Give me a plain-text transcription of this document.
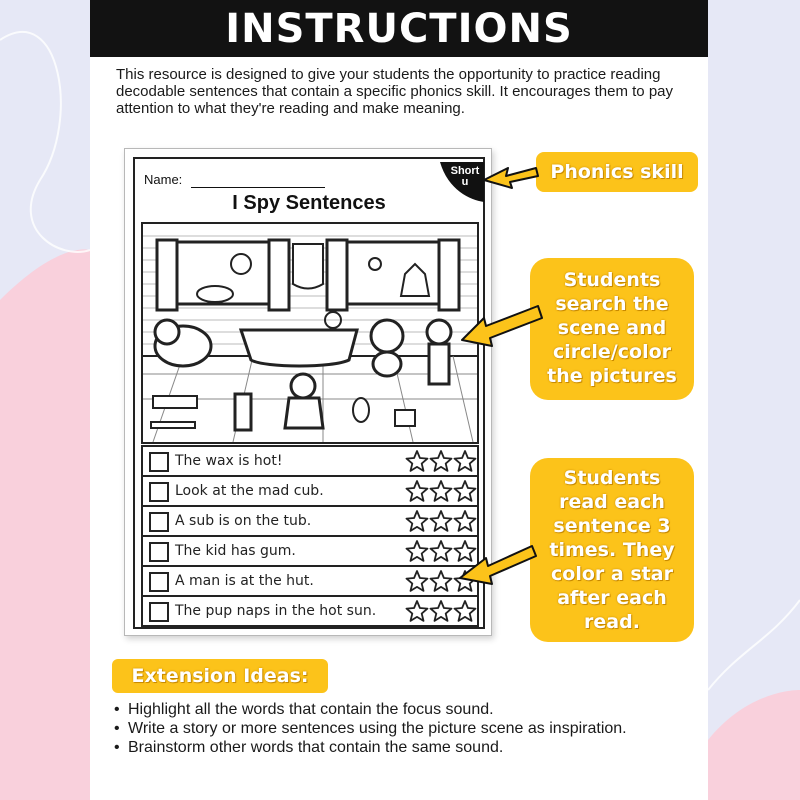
INSTRUCTIONS
This resource is designed to give your students the opportunity to practice reading decodable sentences that contain a specific phonics skill. It encourages them to pay attention to what they're reading and make meaning.
Name:
I Spy Sentences
Short
u
The wax is hot!
Look at the mad cub.
A sub is on the tub.
The kid has gum.
A man is at the hut.
The pup naps in the hot sun.
Extension Ideas:
• Highlight all the words that contain the focus sound.
• Write a story or more sentences using the picture scene as inspiration.
• Brainstorm other words that contain the same sound.
Phonics skill
Students
search the
scene and
circle/color
the pictures
Students
read each
sentence 3
times. They
color a star
after each
read.
